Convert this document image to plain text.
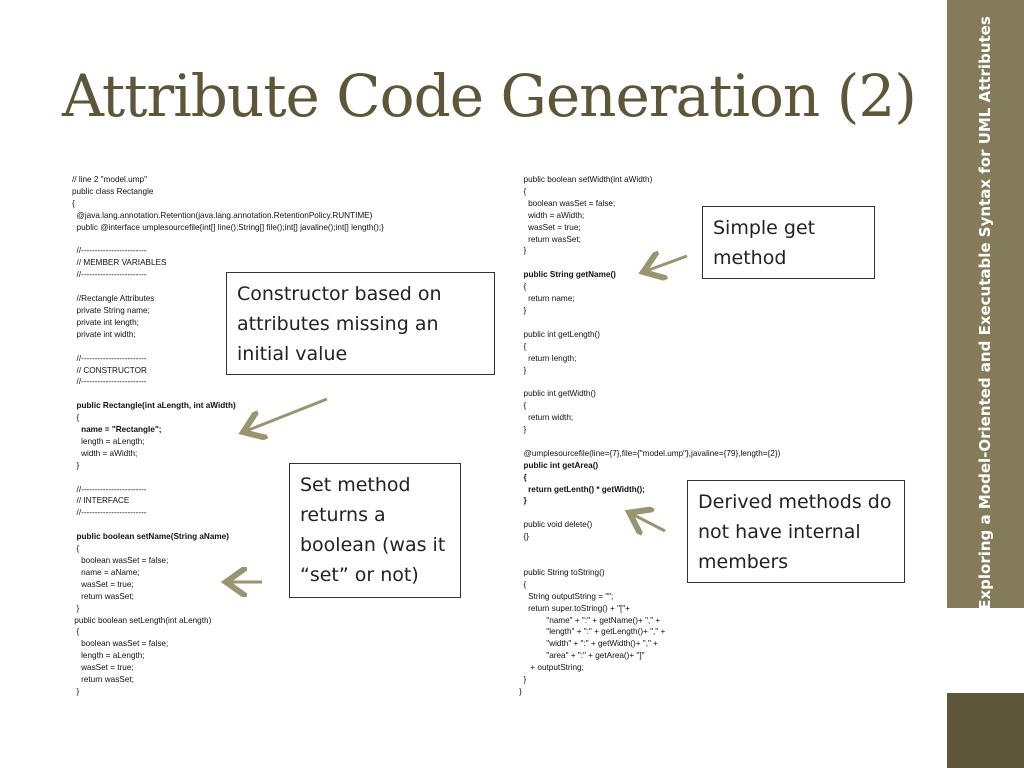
Exploring a Model-Oriented and Executable Syntax for UML Attributes
25
Attribute Code Generation (2)
// line 2 "model.ump"
public class Rectangle
{
@java.lang.annotation.Retention(java.lang.annotation.RetentionPolicy.RUNTIME)
public @interface umplesourcefile{int[] line();String[] file();int[] javaline();int[] length();}

//------------------------
// MEMBER VARIABLES
//------------------------

//Rectangle Attributes
private String name;
private int length;
private int width;

//------------------------
// CONSTRUCTOR
//------------------------

public Rectangle(int aLength, int aWidth)
{
name = "Rectangle";
length = aLength;
width = aWidth;
}

//------------------------
// INTERFACE
//------------------------

public boolean setName(String aName)
{
boolean wasSet = false;
name = aName;
wasSet = true;
return wasSet;
}
public boolean setLength(int aLength)
{
boolean wasSet = false;
length = aLength;
wasSet = true;
return wasSet;
}

public boolean setWidth(int aWidth)
{
boolean wasSet = false;
width = aWidth;
wasSet = true;
return wasSet;
}

public String getName()
{
return name;
}

public int getLength()
{
return length;
}

public int getWidth()
{
return width;
}

@umplesourcefile(line={7},file={"model.ump"},javaline={79},length={2})
public int getArea()
{
return getLenth() * getWidth();
}

public void delete()
{}

public String toString()
{
String outputString = "";
return super.toString() + "["+
"name" + ":" + getName()+ "," +
"length" + ":" + getLength()+ "," +
"width" + ":" + getWidth()+ "," +
"area" + ":" + getArea()+ "]"
+ outputString;
}
}

Constructor based on attributes missing an initial value
Simple get method
Set method returns a boolean (was it “set” or not)
Derived methods do not have internal members
